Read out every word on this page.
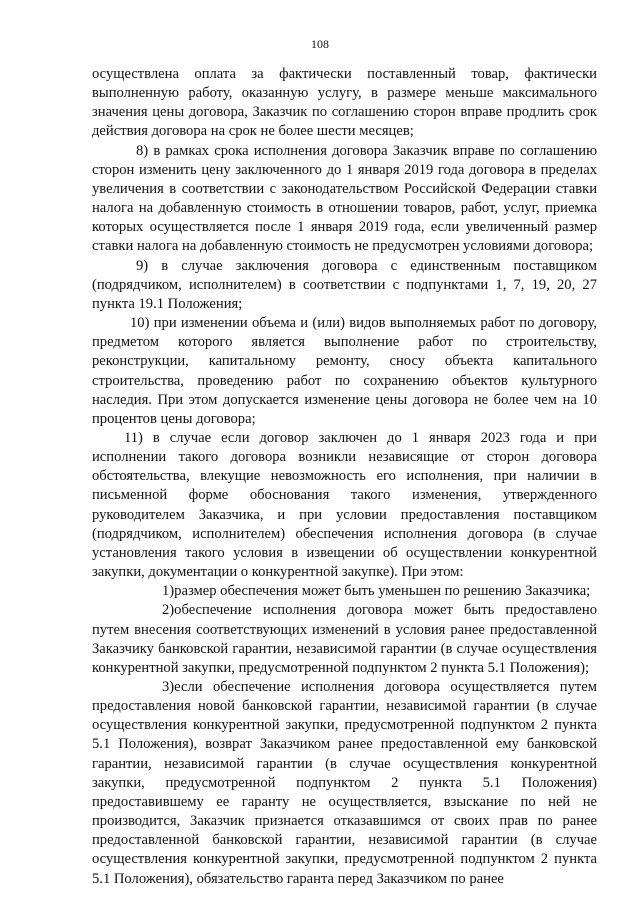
108

осуществлена оплата за фактически поставленный товар, фактически выполненную работу, оказанную услугу, в размере меньше максимального значения цены договора, Заказчик по соглашению сторон вправе продлить срок действия договора на срок не более шести месяцев;

8) в рамках срока исполнения договора Заказчик вправе по соглашению сторон изменить цену заключенного до 1 января 2019 года договора в пределах увеличения в соответствии с законодательством Российской Федерации ставки налога на добавленную стоимость в отношении товаров, работ, услуг, приемка которых осуществляется после 1 января 2019 года, если увеличенный размер ставки налога на добавленную стоимость не предусмотрен условиями договора;

9) в случае заключения договора с единственным поставщиком (подрядчиком, исполнителем) в соответствии с подпунктами 1, 7, 19, 20, 27 пункта 19.1 Положения;

10) при изменении объема и (или) видов выполняемых работ по договору, предметом которого является выполнение работ по строительству, реконструкции, капитальному ремонту, сносу объекта капитального строительства, проведению работ по сохранению объектов культурного наследия. При этом допускается изменение цены договора не более чем на 10 процентов цены договора;

11) в случае если договор заключен до 1 января 2023 года и при исполнении такого договора возникли независящие от сторон договора обстоятельства, влекущие невозможность его исполнения, при наличии в письменной форме обоснования такого изменения, утвержденного руководителем Заказчика, и при условии предоставления поставщиком (подрядчиком, исполнителем) обеспечения исполнения договора (в случае установления такого условия в извещении об осуществлении конкурентной закупки, документации о конкурентной закупке). При этом:

1)размер обеспечения может быть уменьшен по решению Заказчика;

2)обеспечение исполнения договора может быть предоставлено путем внесения соответствующих изменений в условия ранее предоставленной Заказчику банковской гарантии, независимой гарантии (в случае осуществления конкурентной закупки, предусмотренной подпунктом 2 пункта 5.1 Положения);

3)если обеспечение исполнения договора осуществляется путем предоставления новой банковской гарантии, независимой гарантии (в случае осуществления конкурентной закупки, предусмотренной подпунктом 2 пункта 5.1 Положения), возврат Заказчиком ранее предоставленной ему банковской гарантии, независимой гарантии (в случае осуществления конкурентной закупки, предусмотренной подпунктом 2 пункта 5.1 Положения) предоставившему ее гаранту не осуществляется, взыскание по ней не производится, Заказчик признается отказавшимся от своих прав по ранее предоставленной банковской гарантии, независимой гарантии (в случае осуществления конкурентной закупки, предусмотренной подпунктом 2 пункта 5.1 Положения), обязательство гаранта перед Заказчиком по ранее
